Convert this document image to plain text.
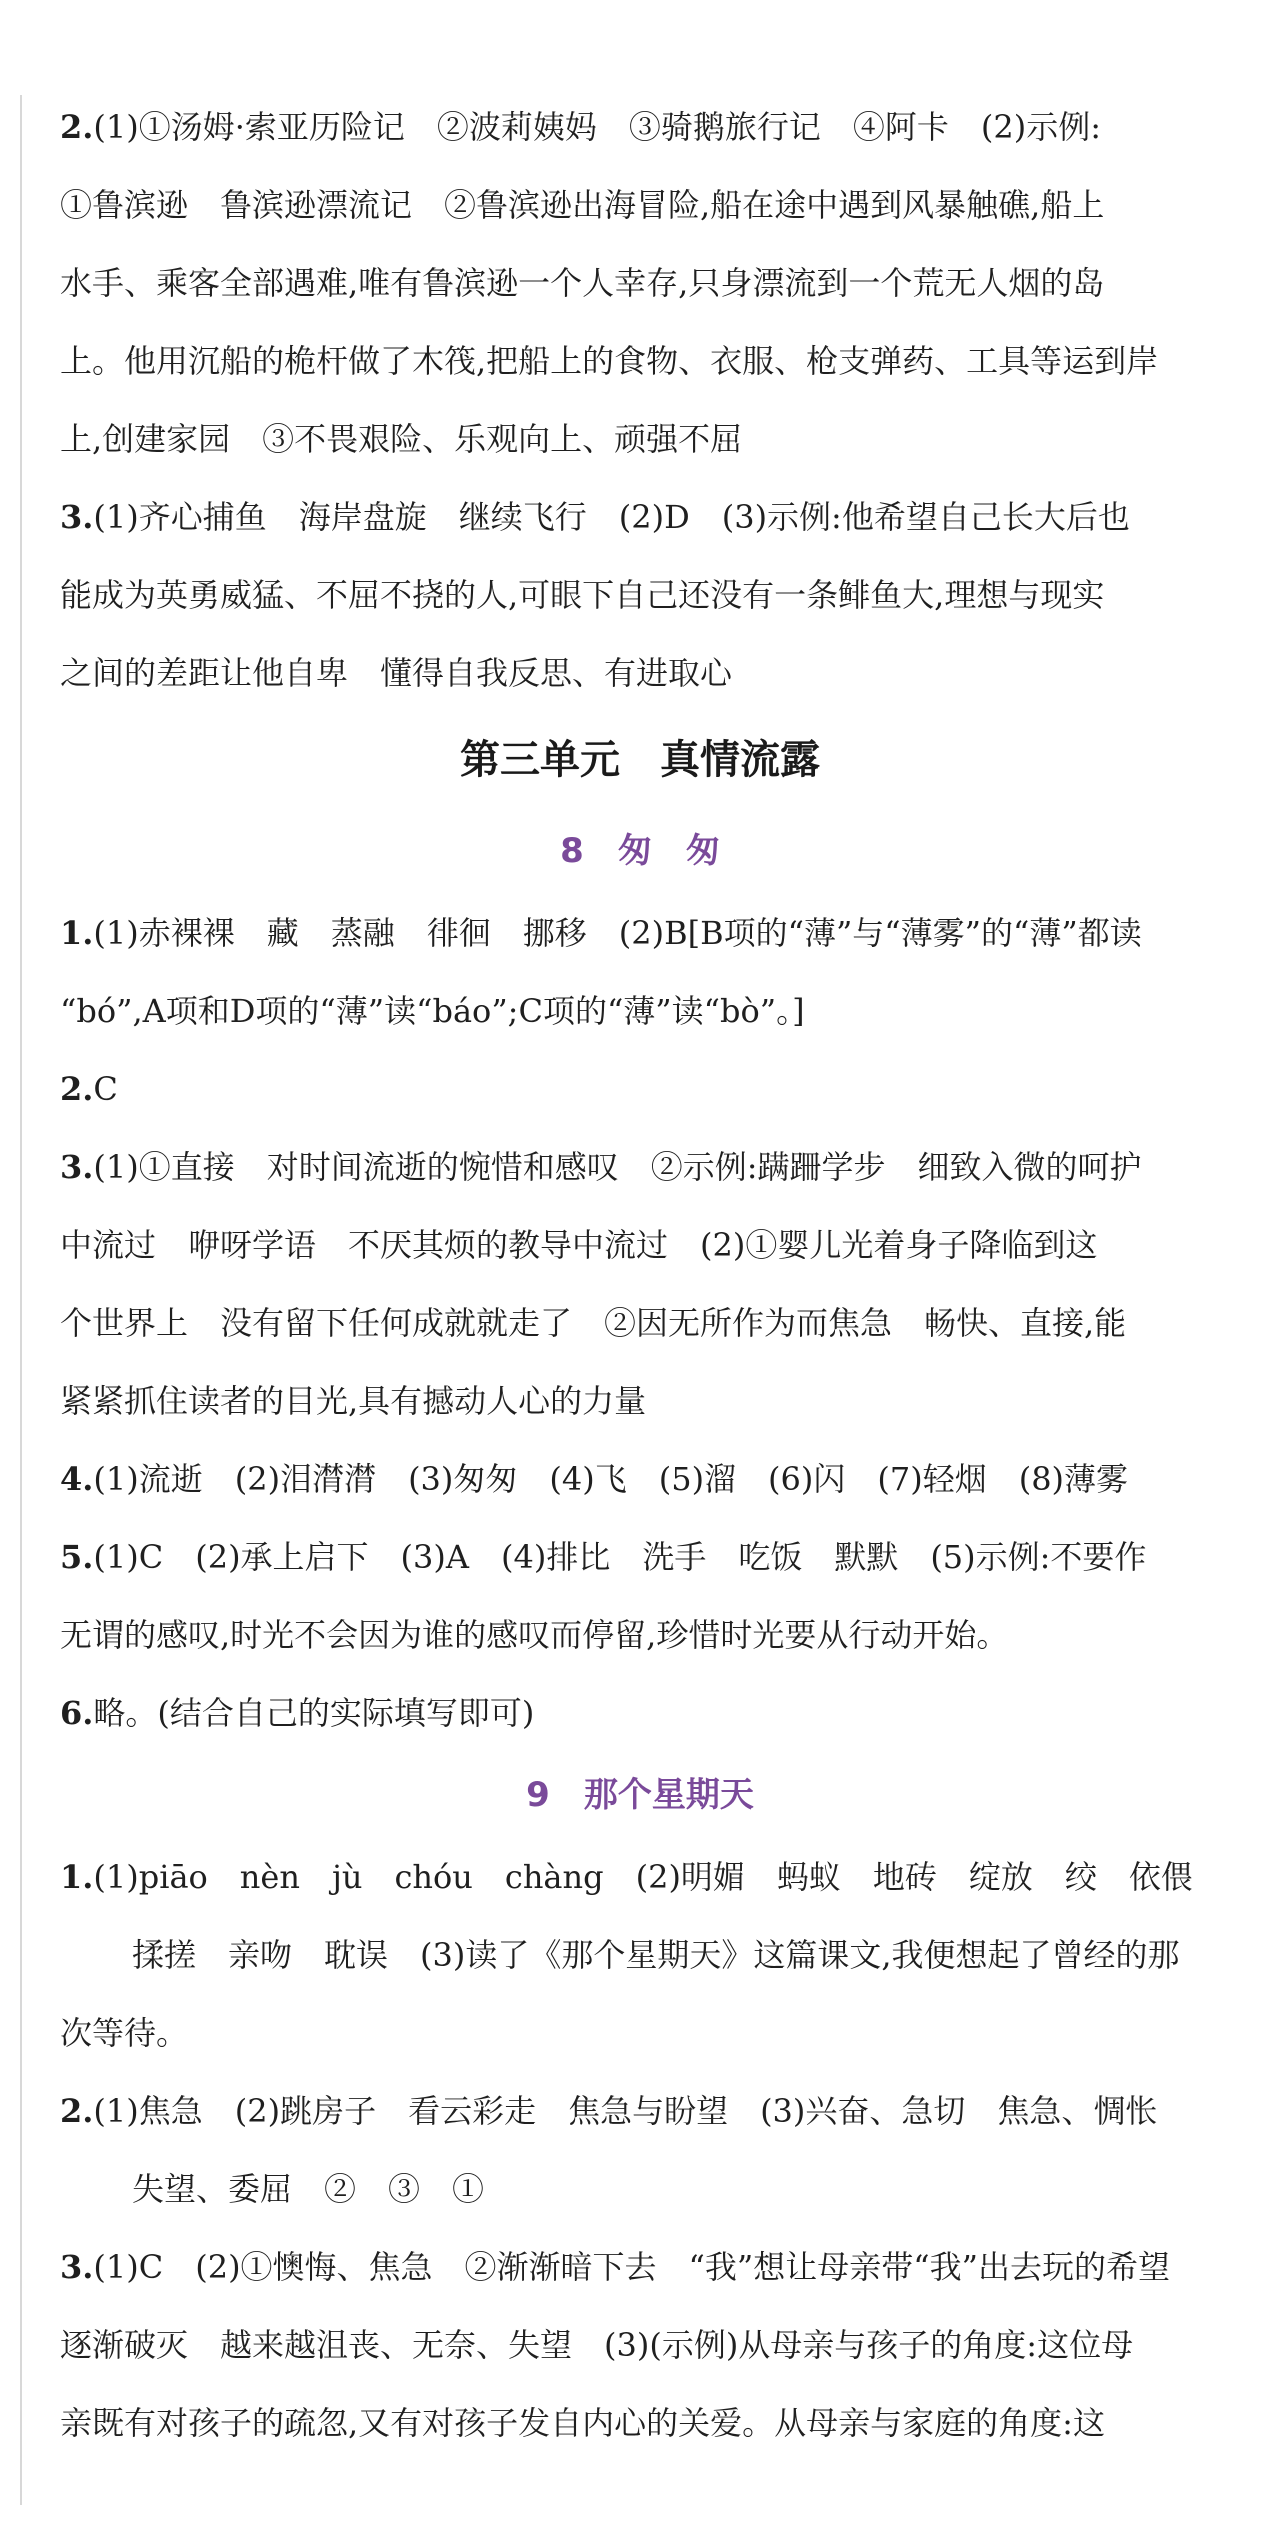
2.(1)①汤姆·索亚历险记　②波莉姨妈　③骑鹅旅行记　④阿卡　(2)示例:
①鲁滨逊　鲁滨逊漂流记　②鲁滨逊出海冒险,船在途中遇到风暴触礁,船上
水手、乘客全部遇难,唯有鲁滨逊一个人幸存,只身漂流到一个荒无人烟的岛
上。他用沉船的桅杆做了木筏,把船上的食物、衣服、枪支弹药、工具等运到岸
上,创建家园　③不畏艰险、乐观向上、顽强不屈
3.(1)齐心捕鱼　海岸盘旋　继续飞行　(2)D　(3)示例:他希望自己长大后也
能成为英勇威猛、不屈不挠的人,可眼下自己还没有一条鲱鱼大,理想与现实
之间的差距让他自卑　懂得自我反思、有进取心
第三单元　真情流露
8　匆　匆
1.(1)赤裸裸　藏　蒸融　徘徊　挪移　(2)B[B项的“薄”与“薄雾”的“薄”都读
“bó”,A项和D项的“薄”读“báo”;C项的“薄”读“bò”。]
2.C
3.(1)①直接　对时间流逝的惋惜和感叹　②示例:蹒跚学步　细致入微的呵护
中流过　咿呀学语　不厌其烦的教导中流过　(2)①婴儿光着身子降临到这
个世界上　没有留下任何成就就走了　②因无所作为而焦急　畅快、直接,能
紧紧抓住读者的目光,具有撼动人心的力量
4.(1)流逝　(2)泪潸潸　(3)匆匆　(4)飞　(5)溜　(6)闪　(7)轻烟　(8)薄雾
5.(1)C　(2)承上启下　(3)A　(4)排比　洗手　吃饭　默默　(5)示例:不要作
无谓的感叹,时光不会因为谁的感叹而停留,珍惜时光要从行动开始。
6.略。(结合自己的实际填写即可)
9　那个星期天
1.(1)piāo　nèn　jù　chóu　chàng　(2)明媚　蚂蚁　地砖　绽放　绞　依偎
揉搓　亲吻　耽误　(3)读了《那个星期天》这篇课文,我便想起了曾经的那
次等待。
2.(1)焦急　(2)跳房子　看云彩走　焦急与盼望　(3)兴奋、急切　焦急、惆怅
失望、委屈　②　③　①
3.(1)C　(2)①懊悔、焦急　②渐渐暗下去　“我”想让母亲带“我”出去玩的希望
逐渐破灭　越来越沮丧、无奈、失望　(3)(示例)从母亲与孩子的角度:这位母
亲既有对孩子的疏忽,又有对孩子发自内心的关爱。从母亲与家庭的角度:这
